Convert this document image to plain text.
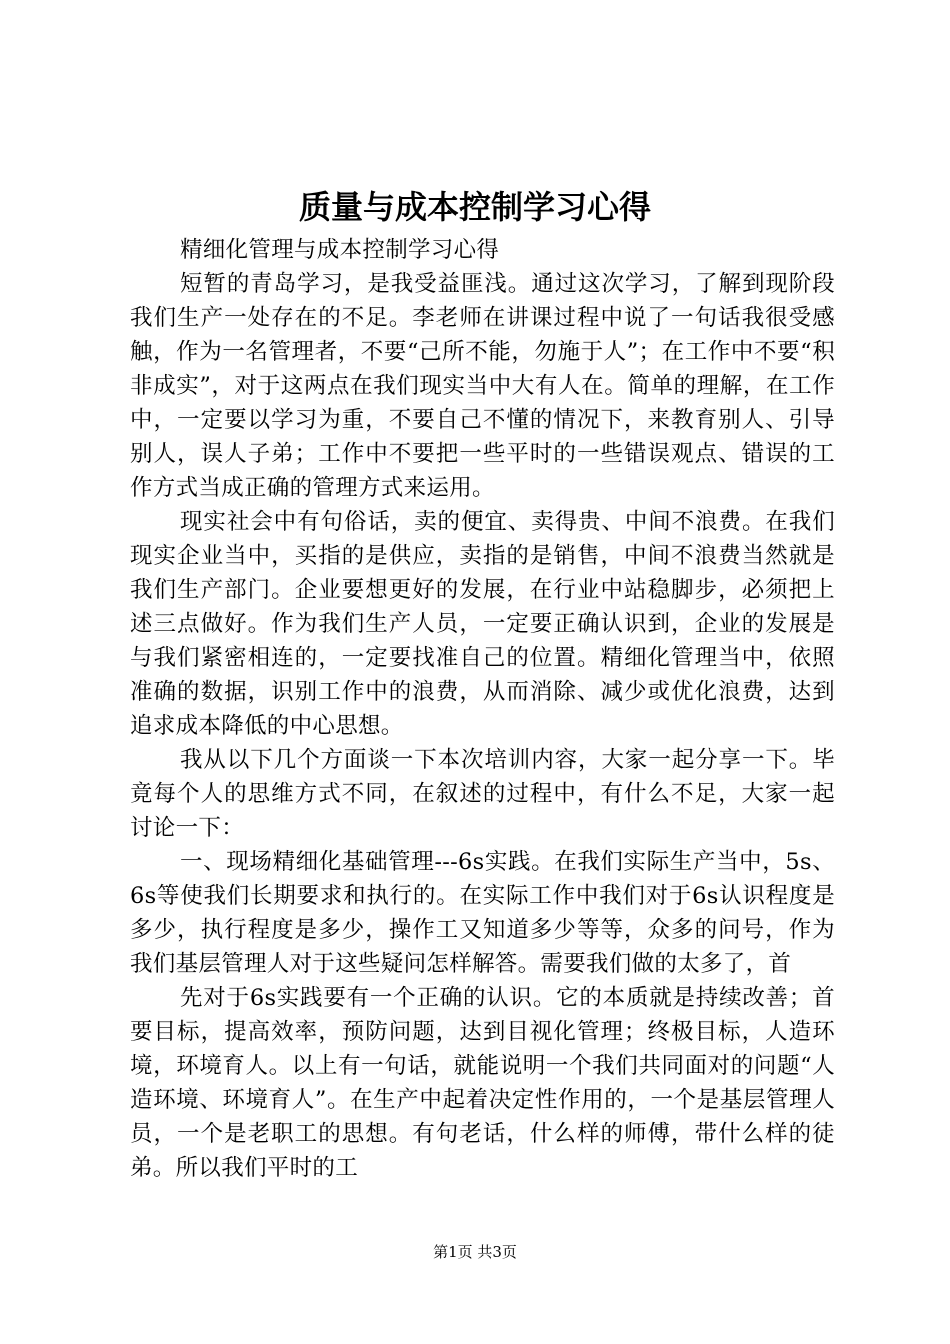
质量与成本控制学习心得

精细化管理与成本控制学习心得

短暂的青岛学习，是我受益匪浅。通过这次学习，了解到现阶段我们生产一处存在的不足。李老师在讲课过程中说了一句话我很受感触，作为一名管理者，不要“己所不能，勿施于人”；在工作中不要“积非成实”，对于这两点在我们现实当中大有人在。简单的理解，在工作中，一定要以学习为重，不要自己不懂的情况下，来教育别人、引导别人，误人子弟；工作中不要把一些平时的一些错误观点、错误的工作方式当成正确的管理方式来运用。

现实社会中有句俗话，卖的便宜、卖得贵、中间不浪费。在我们现实企业当中，买指的是供应，卖指的是销售，中间不浪费当然就是我们生产部门。企业要想更好的发展，在行业中站稳脚步，必须把上述三点做好。作为我们生产人员，一定要正确认识到，企业的发展是与我们紧密相连的，一定要找准自己的位置。精细化管理当中，依照准确的数据，识别工作中的浪费，从而消除、减少或优化浪费，达到追求成本降低的中心思想。

我从以下几个方面谈一下本次培训内容，大家一起分享一下。毕竟每个人的思维方式不同，在叙述的过程中，有什么不足，大家一起讨论一下：

一、现场精细化基础管理---6s实践。在我们实际生产当中，5s、6s等使我们长期要求和执行的。在实际工作中我们对于6s认识程度是多少，执行程度是多少，操作工又知道多少等等，众多的问号，作为我们基层管理人对于这些疑问怎样解答。需要我们做的太多了，首

先对于6s实践要有一个正确的认识。它的本质就是持续改善；首要目标，提高效率，预防问题，达到目视化管理；终极目标，人造环境，环境育人。以上有一句话，就能说明一个我们共同面对的问题“人造环境、环境育人”。在生产中起着决定性作用的，一个是基层管理人员，一个是老职工的思想。有句老话，什么样的师傅，带什么样的徒弟。所以我们平时的工

第1页 共3页
